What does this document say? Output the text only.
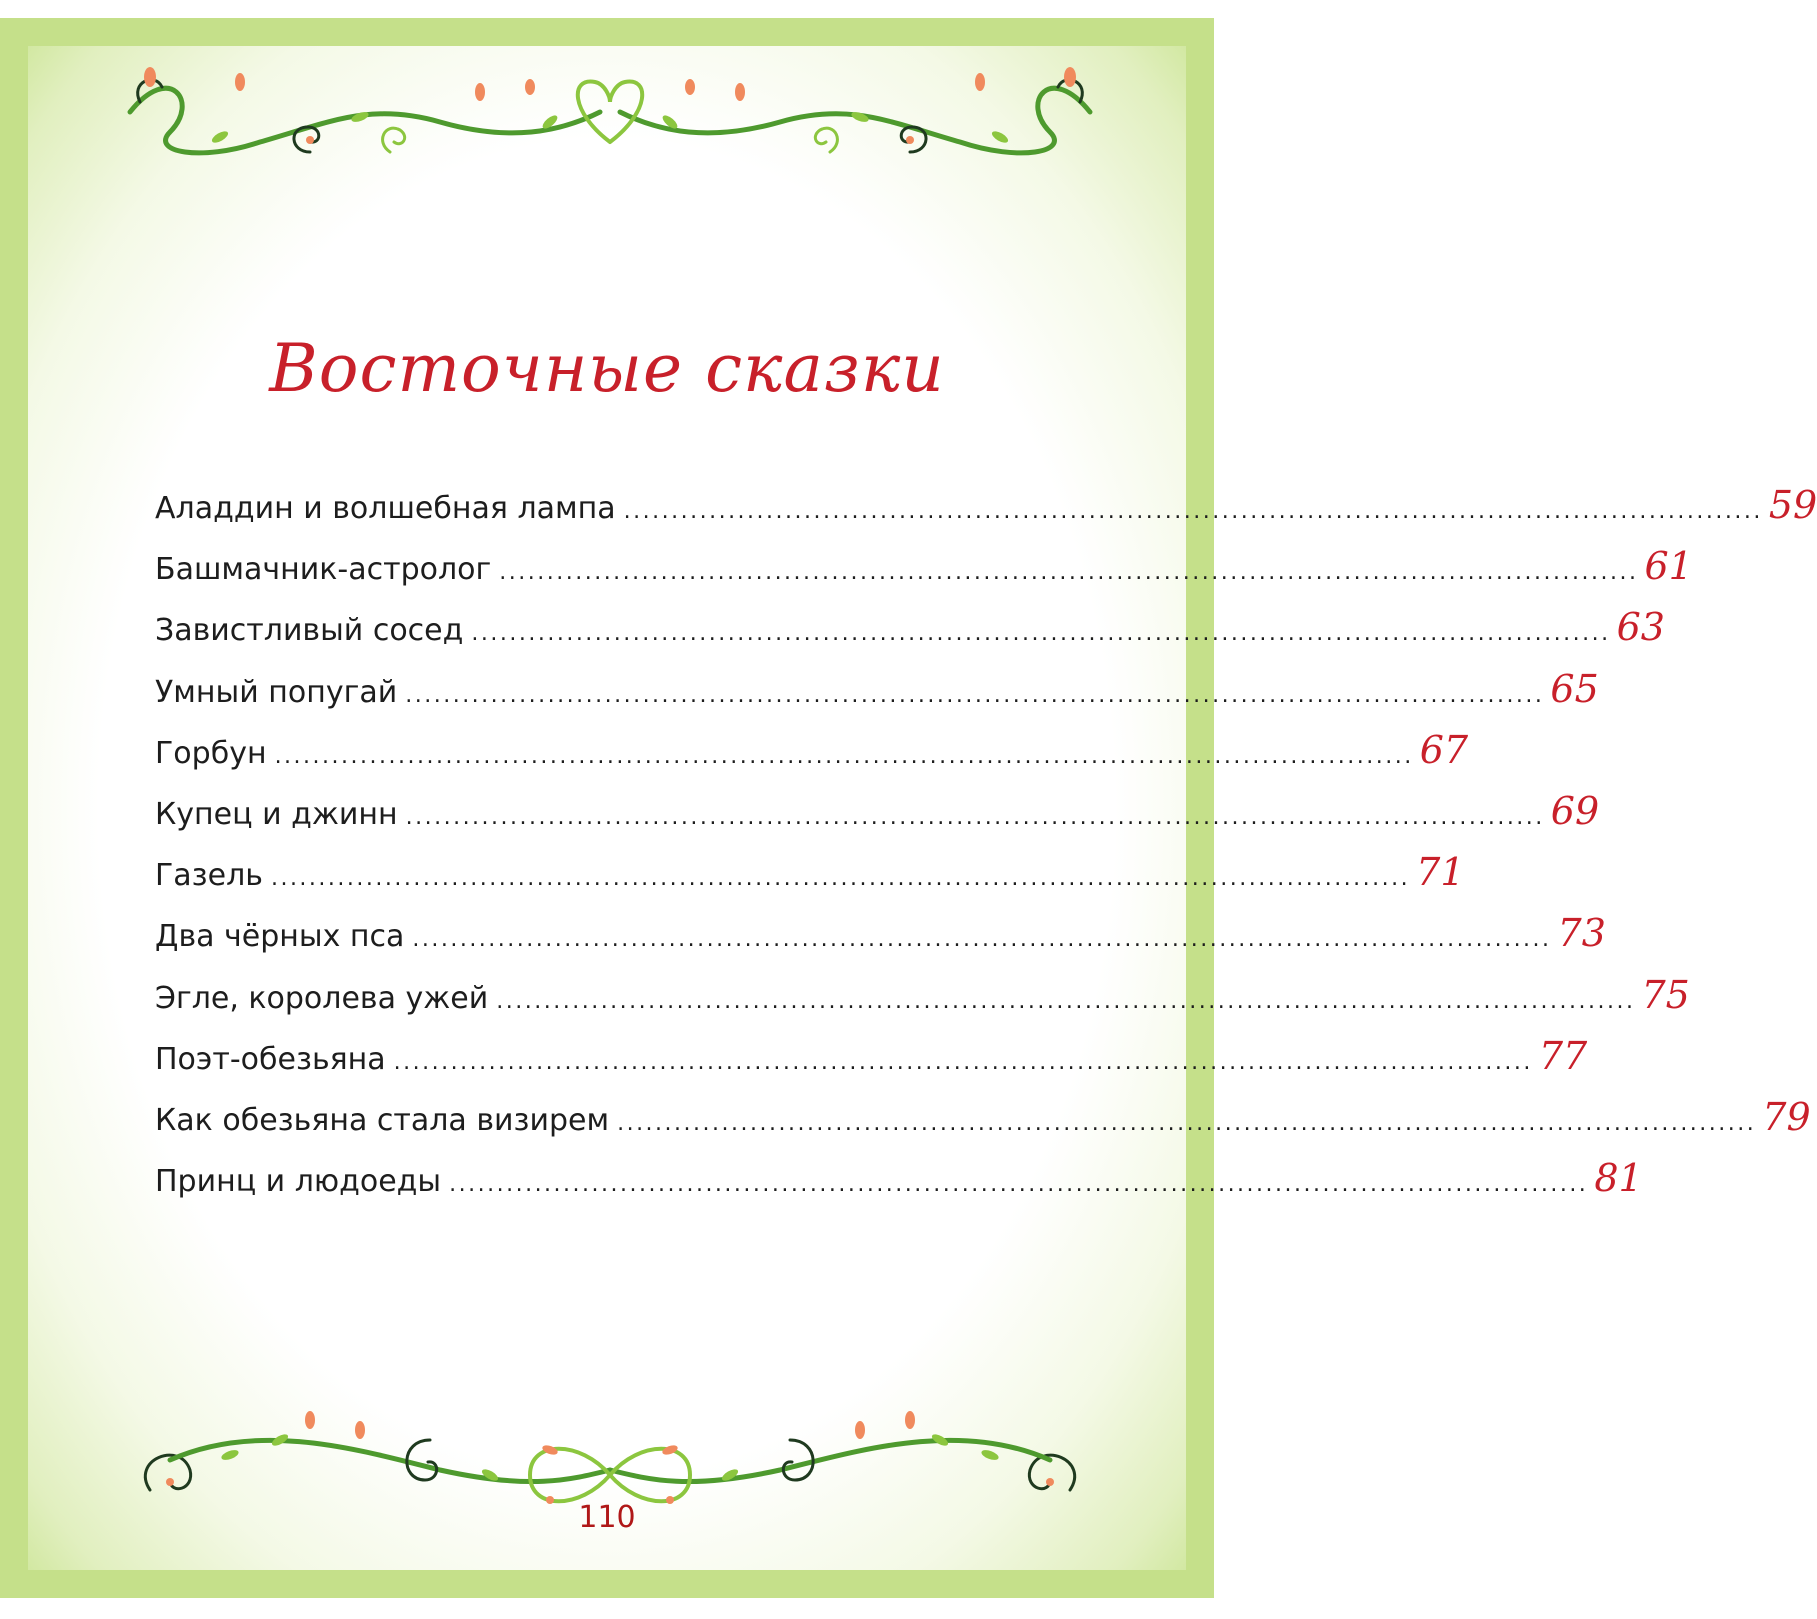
Восточные сказки
Аладдин и волшебная лампа ........................................................................................................................ 59
Башмачник-астролог ........................................................................................................................ 61
Завистливый сосед ........................................................................................................................ 63
Умный попугай ........................................................................................................................ 65
Горбун ........................................................................................................................ 67
Купец и джинн ........................................................................................................................ 69
Газель ........................................................................................................................ 71
Два чёрных пса ........................................................................................................................ 73
Эгле, королева ужей ........................................................................................................................ 75
Поэт-обезьяна ........................................................................................................................ 77
Как обезьяна стала визирем ........................................................................................................................ 79
Принц и людоеды ........................................................................................................................ 81
110
